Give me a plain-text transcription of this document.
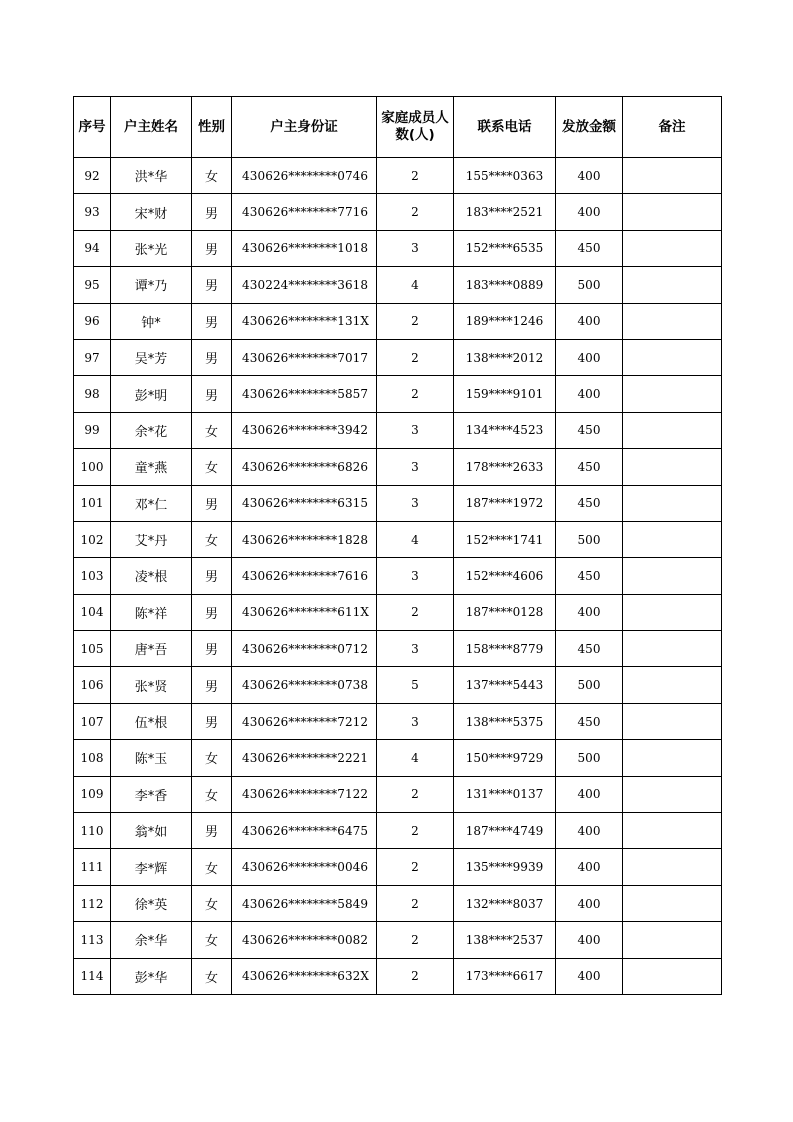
序号	户主姓名	性别	户主身份证	家庭成员人数(人)	联系电话	发放金额	备注
92	洪*华	女	430626********0746	2	155****0363	400	
93	宋*财	男	430626********7716	2	183****2521	400	
94	张*光	男	430626********1018	3	152****6535	450	
95	谭*乃	男	430224********3618	4	183****0889	500	
96	钟*	男	430626********131X	2	189****1246	400	
97	吴*芳	男	430626********7017	2	138****2012	400	
98	彭*明	男	430626********5857	2	159****9101	400	
99	余*花	女	430626********3942	3	134****4523	450	
100	童*燕	女	430626********6826	3	178****2633	450	
101	邓*仁	男	430626********6315	3	187****1972	450	
102	艾*丹	女	430626********1828	4	152****1741	500	
103	凌*根	男	430626********7616	3	152****4606	450	
104	陈*祥	男	430626********611X	2	187****0128	400	
105	唐*吾	男	430626********0712	3	158****8779	450	
106	张*贤	男	430626********0738	5	137****5443	500	
107	伍*根	男	430626********7212	3	138****5375	450	
108	陈*玉	女	430626********2221	4	150****9729	500	
109	李*香	女	430626********7122	2	131****0137	400	
110	翁*如	男	430626********6475	2	187****4749	400	
111	李*辉	女	430626********0046	2	135****9939	400	
112	徐*英	女	430626********5849	2	132****8037	400	
113	余*华	女	430626********0082	2	138****2537	400	
114	彭*华	女	430626********632X	2	173****6617	400	
